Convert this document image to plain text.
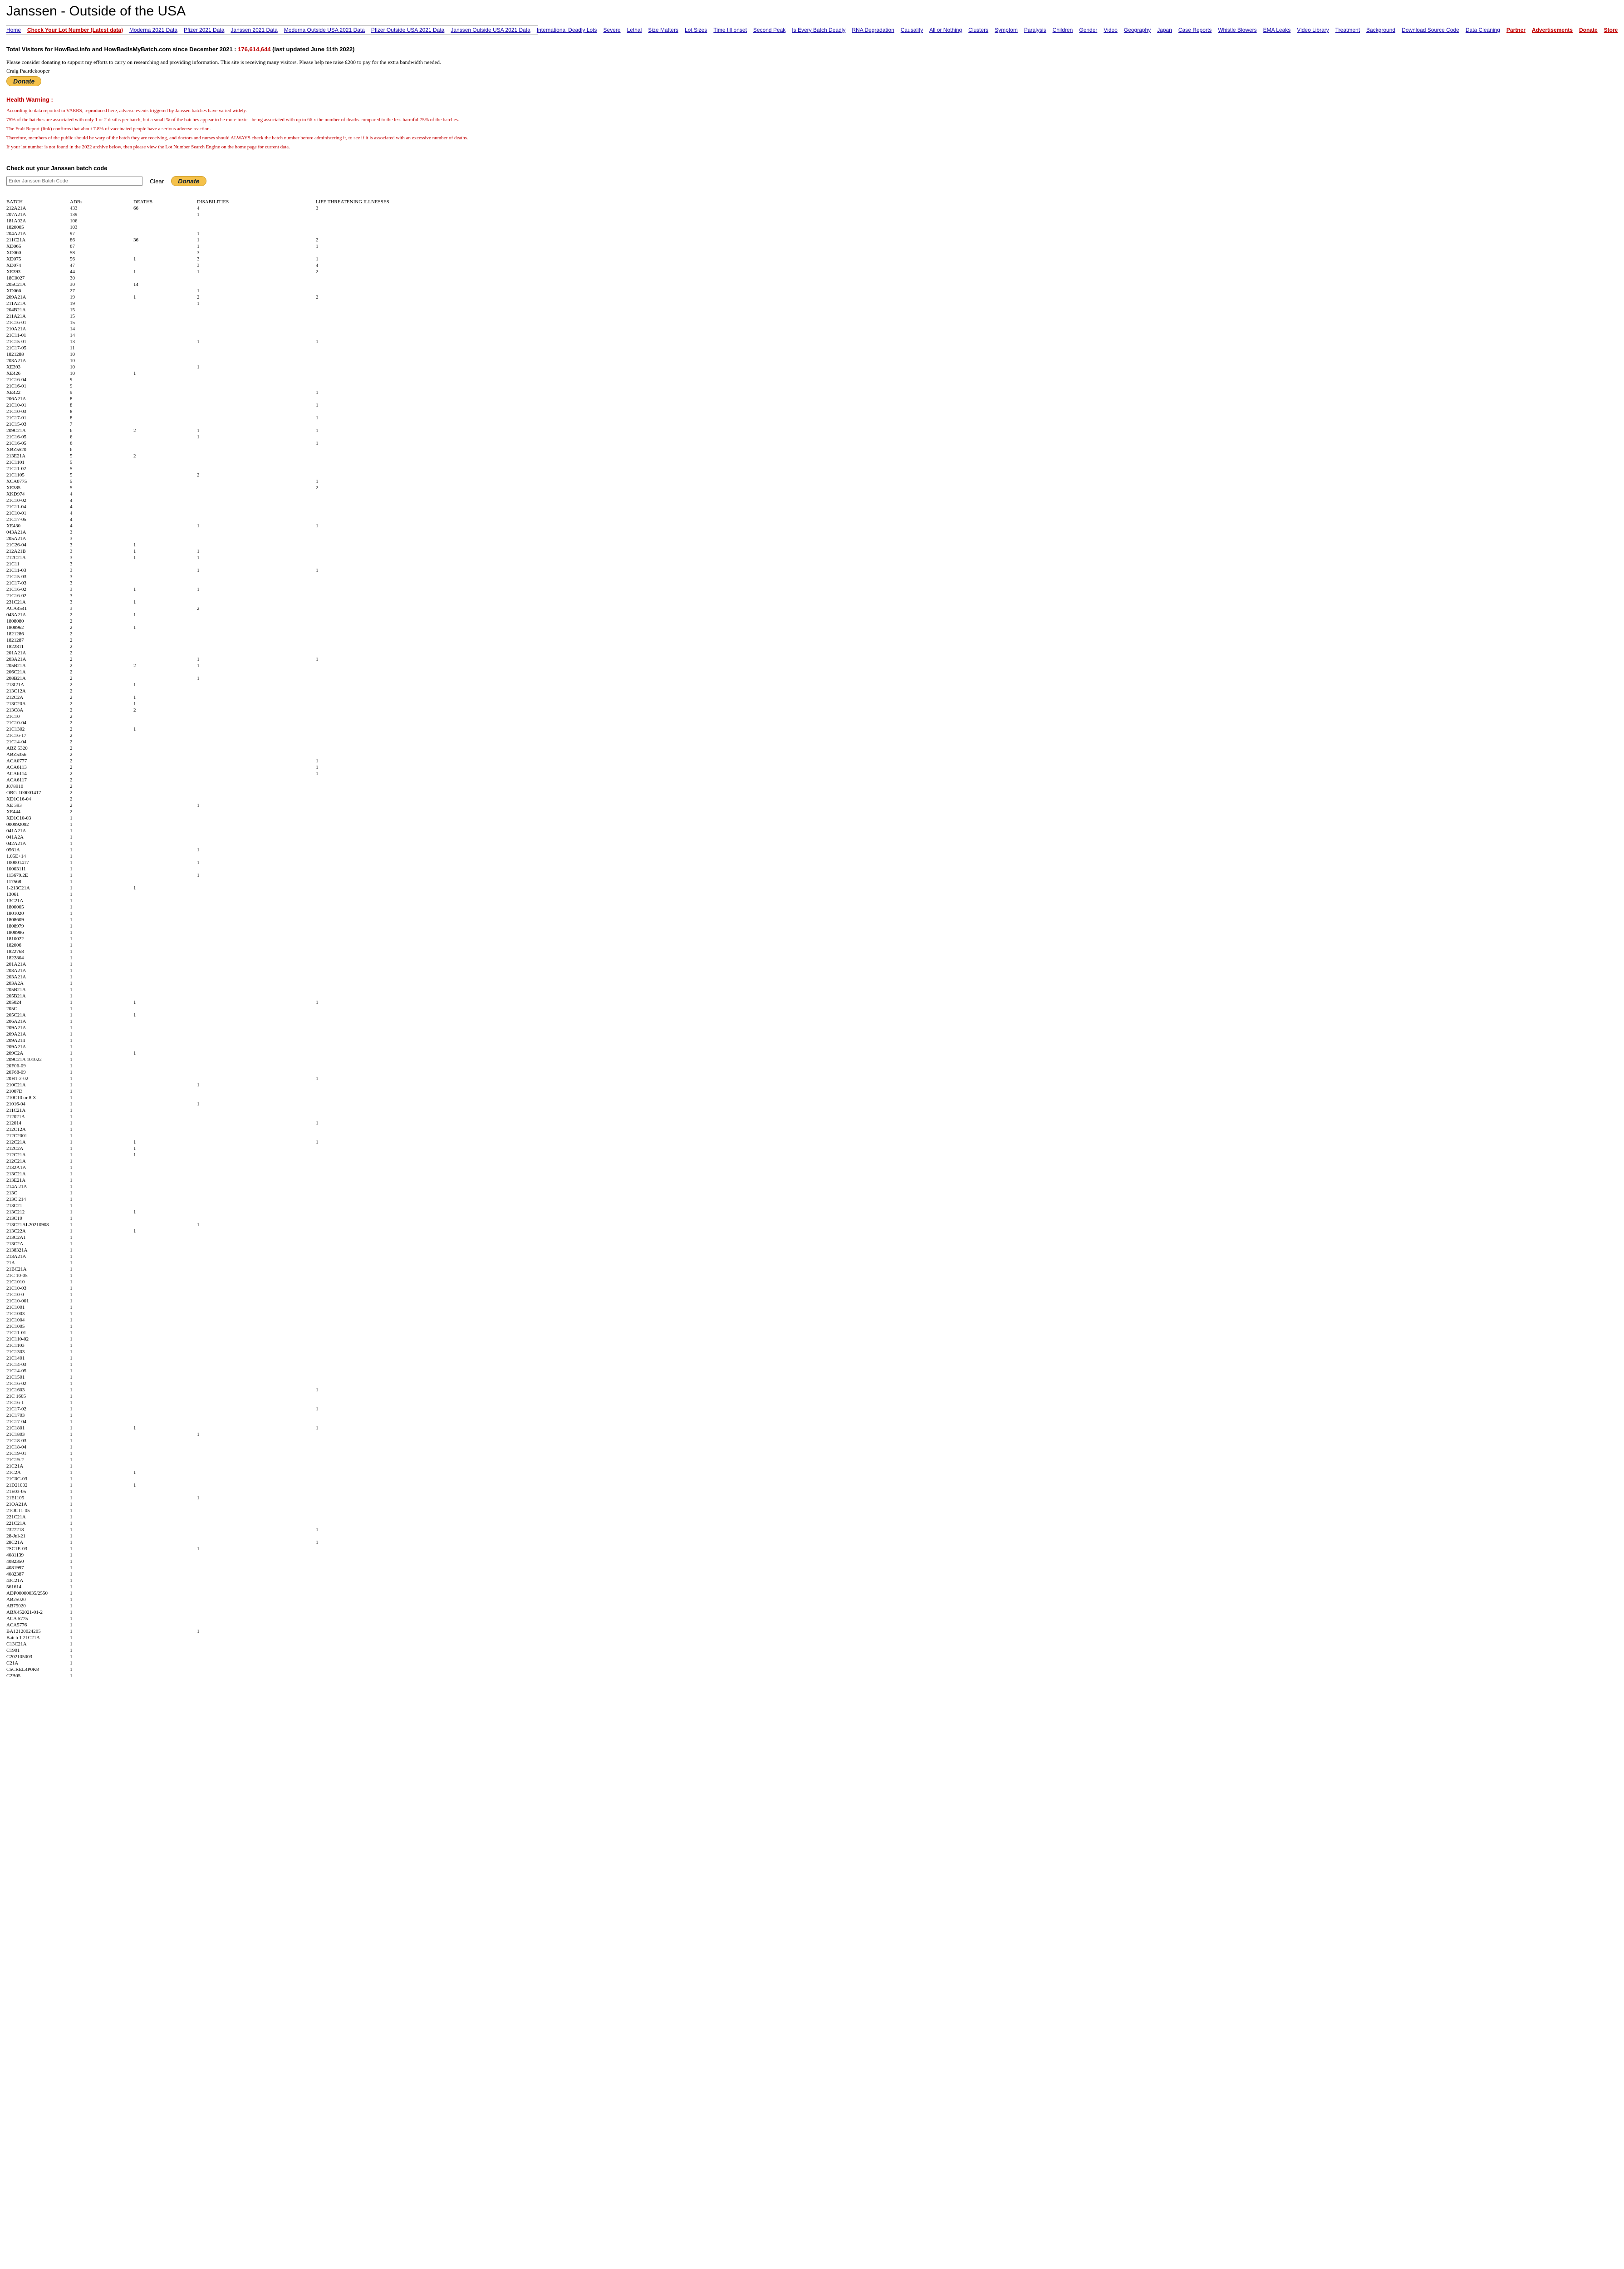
Janssen - Outside of the USA
Home Check Your Lot Number (Latest data) Moderna 2021 Data Pfizer 2021 Data Janssen 2021 Data Moderna Outside USA 2021 Data Pfizer Outside USA 2021 Data Janssen Outside USA 2021 Data International Deadly Lots Severe Lethal Size Matters Lot Sizes Time till onset Second Peak Is Every Batch Deadly RNA Degradation Causality All or Nothing Clusters Symptom Paralysis Children Gender Video Geography Japan Case Reports Whistle Blowers EMA Leaks Video Library Treatment Background Download Source Code Data Cleaning Partner Advertisements Donate Store
Total Visitors for HowBad.info and HowBadIsMyBatch.com since December 2021 : 176,614,644 (last updated June 11th 2022)

Please consider donating to support my efforts to carry on researching and providing information. This site is receiving many visitors. Please help me raise £200 to pay for the extra bandwidth needed.

Craig Paardekooper

Donate
Health Warning :

According to data reported to VAERS, reproduced here, adverse events triggered by Janssen batches have varied widely.

75% of the batches are associated with only 1 or 2 deaths per batch, but a small % of the batches appear to be more toxic - being associated with up to 66 x the number of deaths compared to the less harmful 75% of the batches.

The Fralt Report (link) confirms that about 7.8% of vaccinated people have a serious adverse reaction.

Therefore, members of the public should be wary of the batch they are receiving, and doctors and nurses should ALWAYS check the batch number before administering it, to see if it is associated with an excessive number of deaths.

If your lot number is not found in the 2022 archive below, then please view the Lot Number Search Engine on the home page for current data.

Check out your Janssen batch code
Enter Janssen Batch Code
Clear	Donate
BATCH	ADRs	DEATHS	DISABILITIES	LIFE THREATENING ILLNESSES
212A21A	433	66	4	3
207A21A	139		1	
181A02A	106			
1820005	103			
204A21A	97		1	
211C21A	86	36	1	2
XD065	67		1	1
XD060	58		3	
XD075	56	1	3	1
XD074	47		3	4
XE393	44	1	1	2
18C0027	30			
205C21A	30	14		
XD066	27		1	
209A21A	19	1	2	2
211A21A	19		1	
204B21A	15			
211A21A	15			
21C16-01	15			
210A21A	14			
21C11-01	14			
21C15-01	13		1	1
21C17-05	11			
1821288	10			
203A21A	10			
XE393	10		1	
XE426	10	1		
21C16-04	9			
21C16-01	9			
XE422	9			1
206A21A	8			
21C10-01	8			1
21C10-03	8			
21C17-01	8			1
21C15-03	7			
209C21A	6	2	1	1
21C16-05	6		1	
21C16-05	6			1
XBZ5520	6			
213E21A	5	2		
21C1101	5			
21C11-02	5			
21C1105	5		2	
XCA0775	5			1
XE385	5			2
XKD974	4			
21C10-02	4			
21C11-04	4			
21C10-01	4			
21C17-05	4			
XE430	4		1	1
043A21A	3			
205A21A	3			
21C26-04	3	1		
212A21B	3	1	1	
212C21A	3	1	1	
21C11	3			
21C11-03	3		1	1
21C15-03	3			
21C17-03	3			
21C16-02	3	1	1	
21C16-02	3			
231C21A	3	1		
ACA4541	3		2	
043A21A	2	1		
1808080	2			
1808962	2	1		
1821286	2			
1821287	2			
1822811	2			
201A21A	2			
203A21A	2		1	1
205B21A	2	2	1	
206C21A	2			
208B21A	2		1	
213I21A	2	1		
213C12A	2			
212C2A	2	1		
213C20A	2	1		
213C8A	2	2		
21C10	2			
21C10-04	2			
21C1302	2	1		
21C16-17	2			
21C14-04	2			
ABZ 5320	2			
ABZ5356	2			
ACA0777	2			1
ACA6113	2			1
ACA6114	2			1
ACA6117	2			
J078910	2			
ORG-100001417	2			
XD1C16-04	2			
XE 393	2		1	
XE444	2			
XD1C10-03	1			
000992092	1			
041A21A	1			
041A2A	1			
042A21A	1			
0561A	1		1	
1.05E+14	1			
100001417	1		1	
10003111	1			
113679.2E	1		1	
117568	1			
1-213C21A	1	1		
13061	1			
13C21A	1			
1800005	1			
1801020	1			
1808609	1			
1808979	1			
1808986	1			
1810022	1			
182006	1			
1822768	1			
1822804	1			
201A21A	1			
203A21A	1			
203A21A	1			
203A2A	1			
205B21A	1			
205B21A	1			
205024	1	1		1
205C	1			
205C21A	1	1		
206A21A	1			
209A21A	1			
209A21A	1			
209A214	1			
209A21A	1			
209C2A	1	1		
209C21A 101022	1			
20F06-09	1			
20F68-09	1			
20H1-2-02	1			1
210C21A	1		1	
21007D	1			
210C10 or 8 X	1			
21016-04	1		1	
211C21A	1			
212021A	1			
212014	1			1
212C12A	1			
212C2001	1			
212C21A	1	1		1
212C2A	1	1		
212C21A	1	1		
212C21A	1			
2132A1A	1			
213C21A	1			
213E21A	1			
214A 21A	1			
213C	1			
213C 214	1			
213C21	1			
213C212	1	1		
213C19	1			
213C21AL20210908	1		1	
213C22A	1	1		
213C2A1	1			
213C2A	1			
2138321A	1			
213A21A	1			
21A	1			
21BC21A	1			
21C 10-05	1			
21C1010	1			
21C10-03	1			
21C10-0	1			
21C10-001	1			
21C1001	1			
21C1003	1			
21C1004	1			
21C1005	1			
21C11-01	1			
21C110-02	1			
21C1103	1			
21C1303	1			
21C1401	1			
21C14-03	1			
21C14-05	1			
21C1501	1			
21C16-02	1			
21C1603	1			1
21C 1605	1			
21C16-1	1			
21C17-02	1			1
21C1703	1			
21C17-04	1			
21C1801	1	1		1
21C1803	1		1	
21C18-03	1			
21C18-04	1			
21C19-01	1			
21C19-2	1			
21C21A	1			
21C2A	1	1		
21C0C-03	1			
21D21002	1	1		
21E03-05	1			
21E1105	1		1	
21OA21A	1			
21OC11-05	1			
221C21A	1			
221C21A	1			
2327218	1			1
28-Jul-21	1			
28C21A	1			1
2SC1E-03	1		1	
4081139	1			
4082350	1			
4081997	1			
4082387	1			
43C21A	1			
561614	1			
ADP00000035/2550	1			
AB25020	1			
AB75020	1			
ABX452021-01-2	1			
ACA 5775	1			
ACA5776	1			
BA12120024205	1		1	
Batch 1 21C21A	1			
C13C21A	1			
C1901	1			
C202105003	1			
C21A	1			
C5CREL4P0K8	1			
C2B05	1			
